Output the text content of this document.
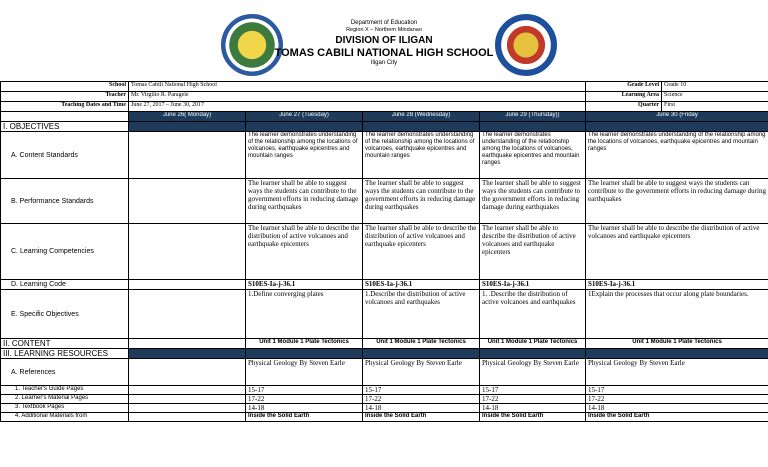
Department of Education
Region X – Northern Mindanao
DIVISION OF ILIGAN
TOMAS CABILI NATIONAL HIGH SCHOOL
Iligan City
School	Tomas Cabili National High School				Grade Level	Grade 10
Teacher	Mr. Virgilio R. Paragele				Learning Area	Science
Teaching Dates and Time	June 27, 2017 – June 30, 2017				Quarter	First
	June 26( Monday)	June 27 (Tuesday)	June 28 (Wednesday)	June 29 (Thursday))	June 30 (Friday	
I. OBJECTIVES						
A. Content Standards		The learner demonstrates understanding of the relationship among the locations of volcanoes, earthquake epicentres and mountain ranges	The learner demonstrates understanding of the relationship among the locations of volcanoes, earthquake epicentres and mountain ranges	The learner demonstrates understanding of the relationship among the locations of volcanoes, earthquake epicentres and mountain ranges	The learner demonstrates understanding of the relationship among the locations of volcanoes, earthquake epicentres and mountain ranges	
B. Performance Standards		The learner shall be able to suggest ways the students can contribute to the government efforts in reducing damage during earthquakes	The learner shall be able to suggest ways the students can contribute to the government efforts in reducing damage during earthquakes	The learner shall be able to suggest ways the students can contribute to the government efforts in reducing damage during earthquakes	The learner shall be able to suggest ways the students can contribute to the government efforts in reducing damage during earthquakes	
C. Learning Competencies		The learner shall be able to describe the distribution of active volcanoes and earthquake epicenters	The learner shall be able to describe the distribution of active volcanoes and earthquake epicenters	The learner shall be able to describe the distribution of active volcanoes and earthquake epicenters	The learner shall be able to describe the distribution of active volcanoes and earthquake epicenters	
D. Learning Code		S10ES-Ia-j-36.1	S10ES-Ia-j-36.1	S10ES-Ia-j-36.1	S10ES-Ia-j-36.1	
E. Specific Objectives		1.Define converging plates	1.Describe the distribution of active volcanoes and earthquakes	1. .Describe the distribution of active volcanoes and earthquakes	1Explain the processes that occur along plate boundaries.	
II. CONTENT		Unit 1 Module 1 Plate Tectonics	Unit 1 Module 1 Plate Tectonics	Unit 1 Module 1 Plate Tectonics	Unit 1 Module 1 Plate Tectonics	
III. LEARNING RESOURCES						
A. References		Physical Geology By Steven Earle	Physical Geology By Steven Earle	Physical Geology By Steven Earle	Physical Geology By Steven Earle	
1. Teacher's Guide Pages		15-17	15-17	15-17	15-17	
2. Learner's Material Pages		17-22	17-22	17-22	17-22	
3. Textbook Pages		14-18	14-18	14-18	14-18	
4. Additional Materials from		Inside the Solid Earth	Inside the Solid Earth	Inside the Solid Earth	Inside the Solid Earth	
